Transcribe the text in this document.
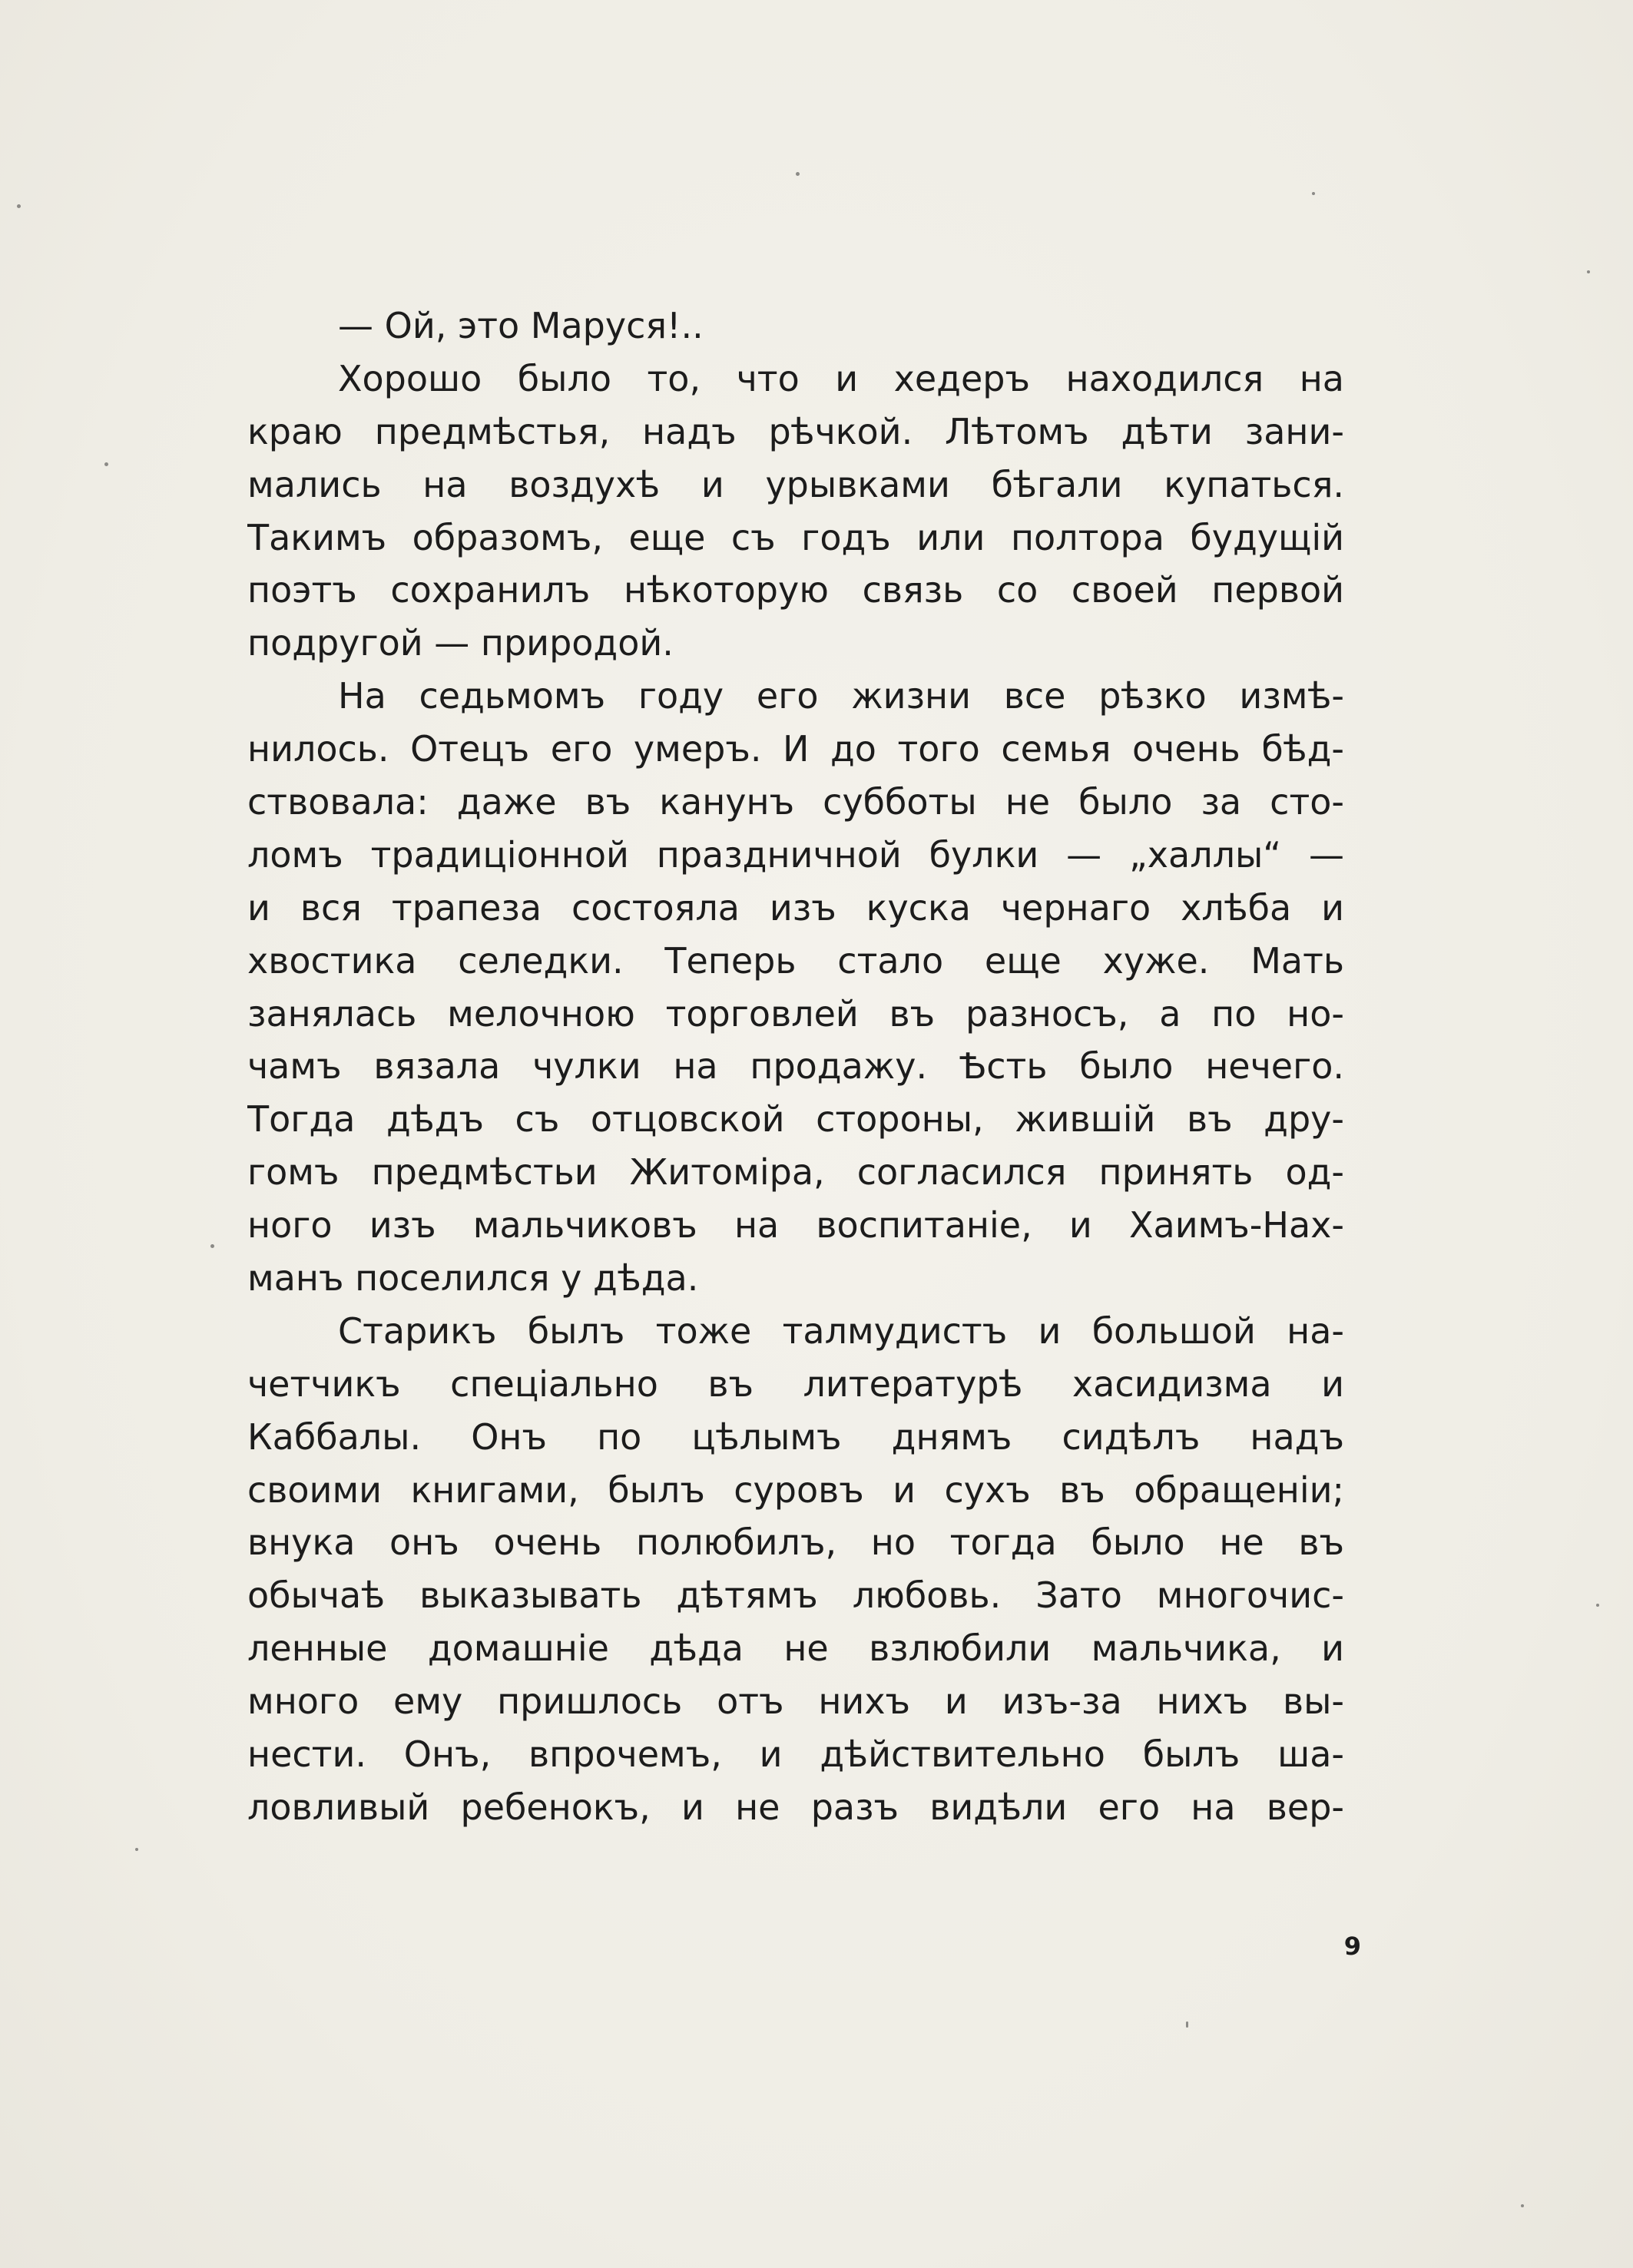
— Ой, это Маруся!..
Хорошо было то, что и хедеръ находился на
краю предмѣстья, надъ рѣчкой. Лѣтомъ дѣти зани-
мались на воздухѣ и урывками бѣгали купаться.
Такимъ образомъ, еще съ годъ или полтора будущій
поэтъ сохранилъ нѣкоторую связь со своей первой
подругой — природой.
На седьмомъ году его жизни все рѣзко измѣ-
нилось. Отецъ его умеръ. И до того семья очень бѣд-
ствовала: даже въ канунъ субботы не было за сто-
ломъ традиціонной праздничной булки — „халлы“ —
и вся трапеза состояла изъ куска чернаго хлѣба и
хвостика селедки. Теперь стало еще хуже. Мать
занялась мелочною торговлей въ разносъ, а по но-
чамъ вязала чулки на продажу. Ѣсть было нечего.
Тогда дѣдъ съ отцовской стороны, жившій въ дру-
гомъ предмѣстьи Житоміра, согласился принять од-
ного изъ мальчиковъ на воспитаніе, и Хаимъ-Нах-
манъ поселился у дѣда.
Старикъ былъ тоже талмудистъ и большой на-
четчикъ спеціально въ литературѣ хасидизма и
Каббалы. Онъ по цѣлымъ днямъ сидѣлъ надъ
своими книгами, былъ суровъ и сухъ въ обращеніи;
внука онъ очень полюбилъ, но тогда было не въ
обычаѣ выказывать дѣтямъ любовь. Зато многочис-
ленные домашніе дѣда не взлюбили мальчика, и
много ему пришлось отъ нихъ и изъ-за нихъ вы-
нести. Онъ, впрочемъ, и дѣйствительно былъ ша-
ловливый ребенокъ, и не разъ видѣли его на вер-
9
